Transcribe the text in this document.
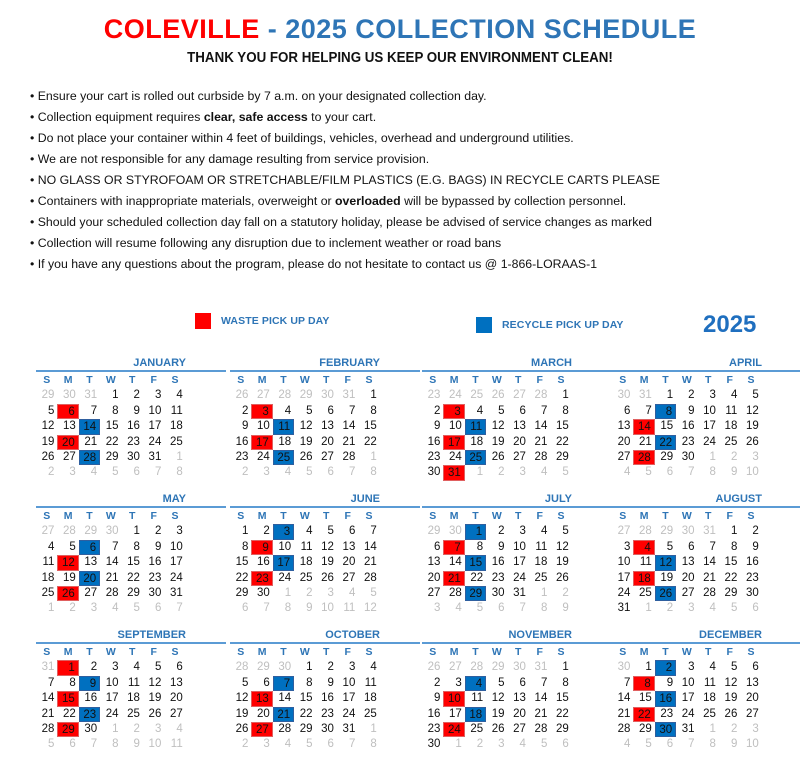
COLEVILLE - 2025 COLLECTION SCHEDULE
THANK YOU FOR HELPING US KEEP OUR ENVIRONMENT CLEAN!
• Ensure your cart is rolled out curbside by 7 a.m. on your designated collection day.
• Collection equipment requires clear, safe access to your cart.
• Do not place your container within 4 feet of buildings, vehicles, overhead and underground utilities.
• We are not responsible for any damage resulting from service provision.
• NO GLASS OR STYROFOAM OR STRETCHABLE/FILM PLASTICS (E.G. BAGS) IN RECYCLE CARTS PLEASE
• Containers with inappropriate materials, overweight or overloaded will be bypassed by collection personnel.
• Should your scheduled collection day fall on a statutory holiday, please be advised of service changes as marked
• Collection will resume following any disruption due to inclement weather or road bans
• If you have any questions about the program, please do not hesitate to contact us @ 1-866-LORAAS-1
WASTE PICK UP DAY	RECYCLE PICK UP DAY	2025
JANUARY
S	M	T	W	T	F	S
29 30 31	1	2	3	4
5	6	7	8	9 10 11
12 13 14 15 16 17 18
19 20 21 22 23 24 25
26 27 28 29 30 31	1
2	3	4	5	6	7	8
FEBRUARY
S	M	T	W	T	F	S
26 27 28 29 30 31	1
2	3	4	5	6	7	8
9 10 11 12 13 14 15
16 17 18 19 20 21 22
23 24 25 26 27 28	1
2	3	4	5	6	7	8
MARCH
S	M	T	W	T	F	S
23 24 25 26 27 28	1
2	3	4	5	6	7	8
9 10 11 12 13 14 15
16 17 18 19 20 21 22
23 24 25 26 27 28 29
30 31	1	2	3	4	5
APRIL
S	M	T	W	T	F	S
30 31	1	2	3	4	5
6	7	8	9 10 11 12
13 14 15 16 17 18 19
20 21 22 23 24 25 26
27 28 29 30	1	2	3
4	5	6	7	8	9 10
MAY
S	M	T	W	T	F	S
27 28 29 30	1	2	3
4	5	6	7	8	9 10
11 12 13 14 15 16 17
18 19 20 21 22 23 24
25 26 27 28 29 30 31
1	2	3	4	5	6	7
JUNE
S	M	T	W	T	F	S
1	2	3	4	5	6	7
8	9 10 11 12 13 14
15 16 17 18 19 20 21
22 23 24 25 26 27 28
29 30	1	2	3	4	5
6	7	8	9 10 11 12
JULY
S	M	T	W	T	F	S
29 30	1	2	3	4	5
6	7	8	9 10 11 12
13 14 15 16 17 18 19
20 21 22 23 24 25 26
27 28 29 30 31	1	2
3	4	5	6	7	8	9
AUGUST
S	M	T	W	T	F	S
27 28 29 30 31	1	2
3	4	5	6	7	8	9
10 11 12 13 14 15 16
17 18 19 20 21 22 23
24 25 26 27 28 29 30
31	1	2	3	4	5	6
SEPTEMBER
S	M	T	W	T	F	S
31	1	2	3	4	5	6
7	8	9 10 11 12 13
14 15 16 17 18 19 20
21 22 23 24 25 26 27
28 29 30	1	2	3	4
5	6	7	8	9 10 11
OCTOBER
S	M	T	W	T	F	S
28 29 30	1	2	3	4
5	6	7	8	9 10 11
12 13 14 15 16 17 18
19 20 21 22 23 24 25
26 27 28 29 30 31	1
2	3	4	5	6	7	8
NOVEMBER
S	M	T	W	T	F	S
26 27 28 29 30 31	1
2	3	4	5	6	7	8
9 10 11 12 13 14 15
16 17 18 19 20 21 22
23 24 25 26 27 28 29
30	1	2	3	4	5	6
DECEMBER
S	M	T	W	T	F	S
30	1	2	3	4	5	6
7	8	9 10 11 12 13
14 15 16 17 18 19 20
21 22 23 24 25 26 27
28 29 30 31	1	2	3
4	5	6	7	8	9 10
